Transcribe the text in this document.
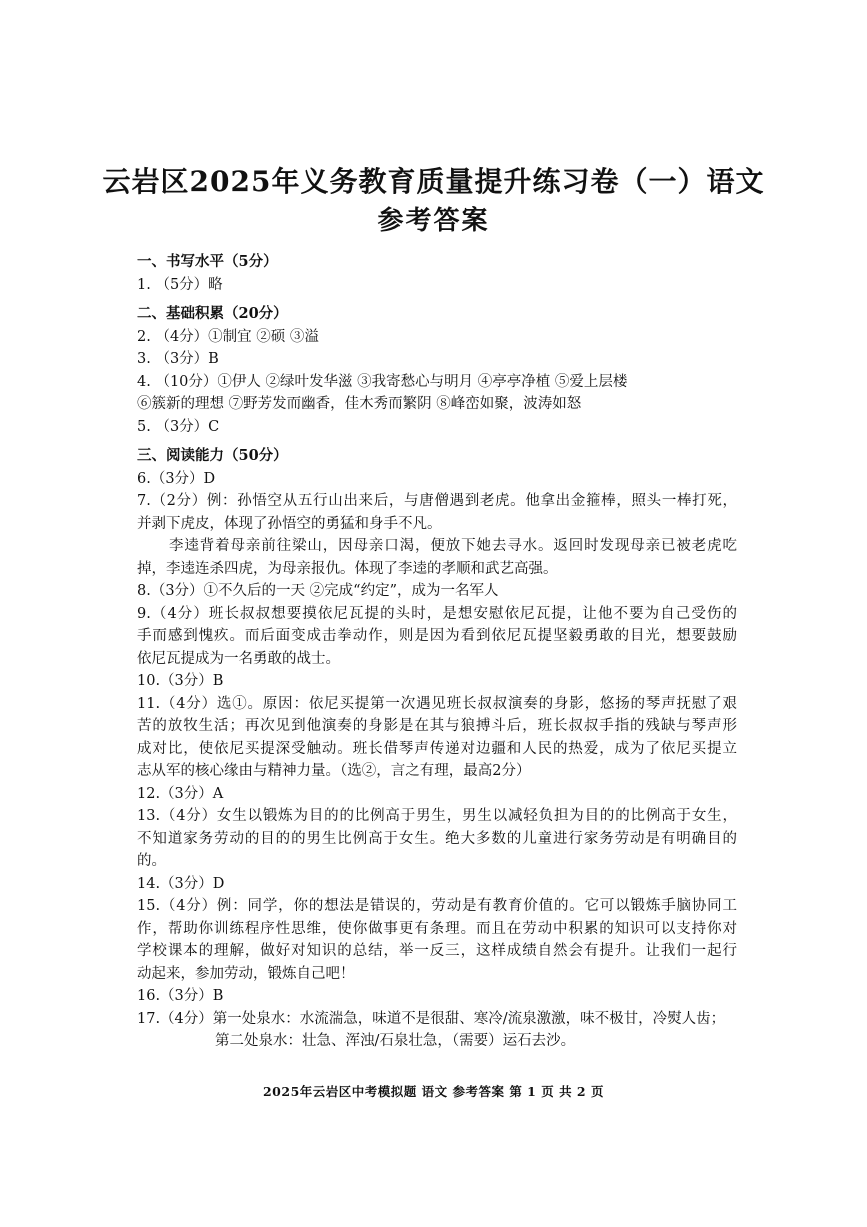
云岩区2025年义务教育质量提升练习卷（一）语文
参考答案
一、书写水平（5分）
1. （5分）略
二、基础积累（20分）
2. （4分）①制宜 ②硕 ③溢
3. （3分）B
4. （10分）①伊人 ②绿叶发华滋 ③我寄愁心与明月 ④亭亭净植 ⑤爱上层楼
⑥簇新的理想 ⑦野芳发而幽香，佳木秀而繁阴 ⑧峰峦如聚，波涛如怒
5. （3分）C
三、阅读能力（50分）
6.（3分）D
7.（2分）例：孙悟空从五行山出来后，与唐僧遇到老虎。他拿出金箍棒，照头一棒打死，
并剥下虎皮，体现了孙悟空的勇猛和身手不凡。
李逵背着母亲前往梁山，因母亲口渴，便放下她去寻水。返回时发现母亲已被老虎吃
掉，李逵连杀四虎，为母亲报仇。体现了李逵的孝顺和武艺高强。
8.（3分）①不久后的一天 ②完成“约定”，成为一名军人
9.（4分）班长叔叔想要摸依尼瓦提的头时，是想安慰依尼瓦提，让他不要为自己受伤的
手而感到愧疚。而后面变成击拳动作，则是因为看到依尼瓦提坚毅勇敢的目光，想要鼓励
依尼瓦提成为一名勇敢的战士。
10.（3分）B
11.（4分）选①。原因：依尼买提第一次遇见班长叔叔演奏的身影，悠扬的琴声抚慰了艰
苦的放牧生活；再次见到他演奏的身影是在其与狼搏斗后，班长叔叔手指的残缺与琴声形
成对比，使依尼买提深受触动。班长借琴声传递对边疆和人民的热爱，成为了依尼买提立
志从军的核心缘由与精神力量。（选②，言之有理，最高2分）
12.（3分）A
13.（4分）女生以锻炼为目的的比例高于男生，男生以减轻负担为目的的比例高于女生，
不知道家务劳动的目的的男生比例高于女生。绝大多数的儿童进行家务劳动是有明确目的
的。
14.（3分）D
15.（4分）例：同学，你的想法是错误的，劳动是有教育价值的。它可以锻炼手脑协同工
作，帮助你训练程序性思维，使你做事更有条理。而且在劳动中积累的知识可以支持你对
学校课本的理解，做好对知识的总结，举一反三，这样成绩自然会有提升。让我们一起行
动起来，参加劳动，锻炼自己吧！
16.（3分）B
17.（4分）第一处泉水：水流湍急，味道不是很甜、寒冷/流泉激激，味不极甘，冷熨人齿；
第二处泉水：壮急、浑浊/石泉壮急，（需要）运石去沙。
2025年云岩区中考模拟题 语文 参考答案 第 1 页 共 2 页
